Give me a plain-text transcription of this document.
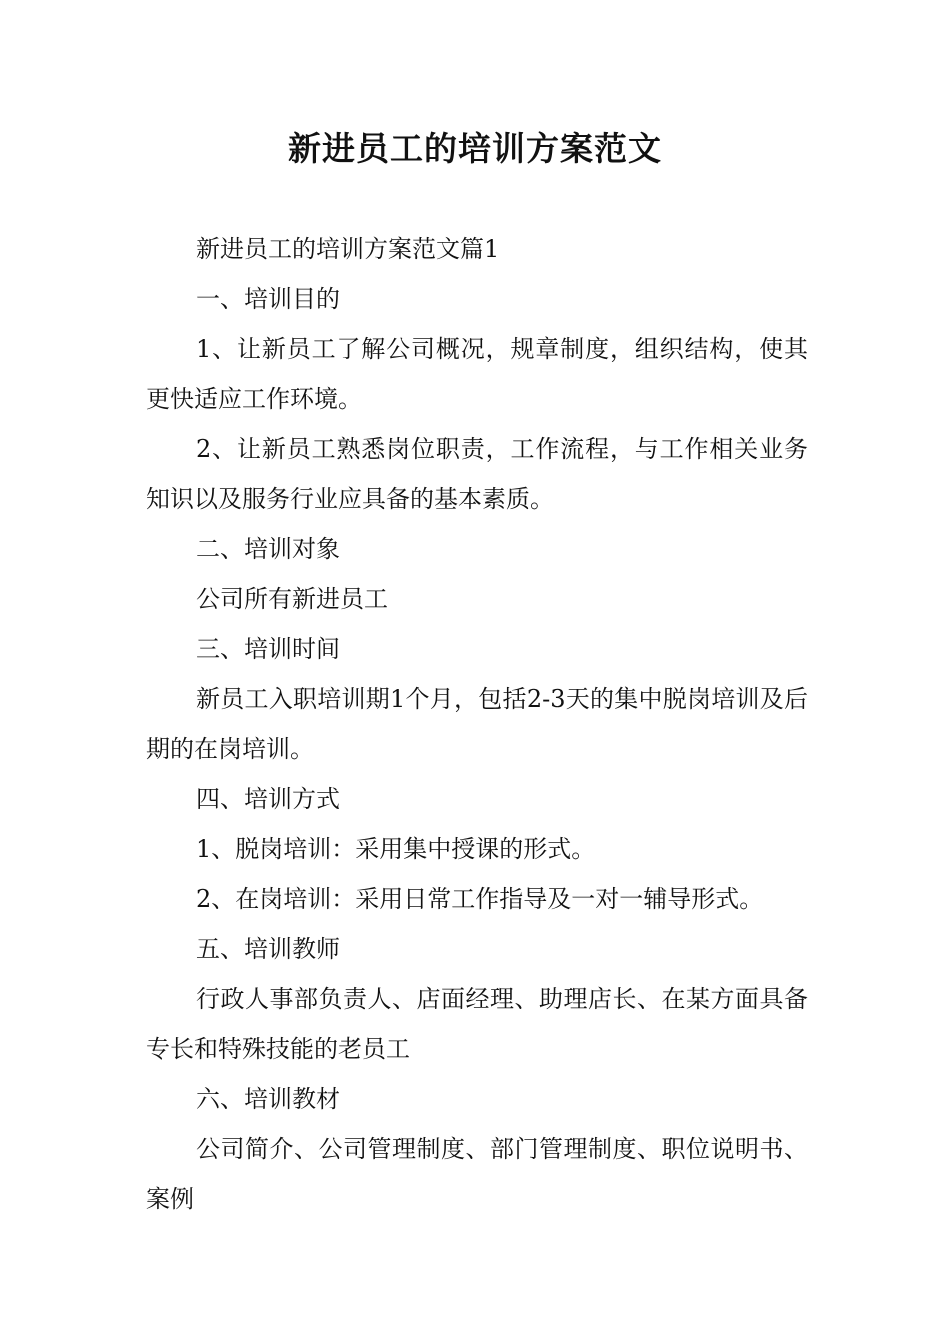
新进员工的培训方案范文

新进员工的培训方案范文篇1

一、培训目的

1、让新员工了解公司概况，规章制度，组织结构，使其更快适应工作环境。

2、让新员工熟悉岗位职责，工作流程，与工作相关业务知识以及服务行业应具备的基本素质。

二、培训对象

公司所有新进员工

三、培训时间

新员工入职培训期1个月，包括2-3天的集中脱岗培训及后期的在岗培训。

四、培训方式

1、脱岗培训：采用集中授课的形式。

2、在岗培训：采用日常工作指导及一对一辅导形式。

五、培训教师

行政人事部负责人、店面经理、助理店长、在某方面具备专长和特殊技能的老员工

六、培训教材

公司简介、公司管理制度、部门管理制度、职位说明书、案例
